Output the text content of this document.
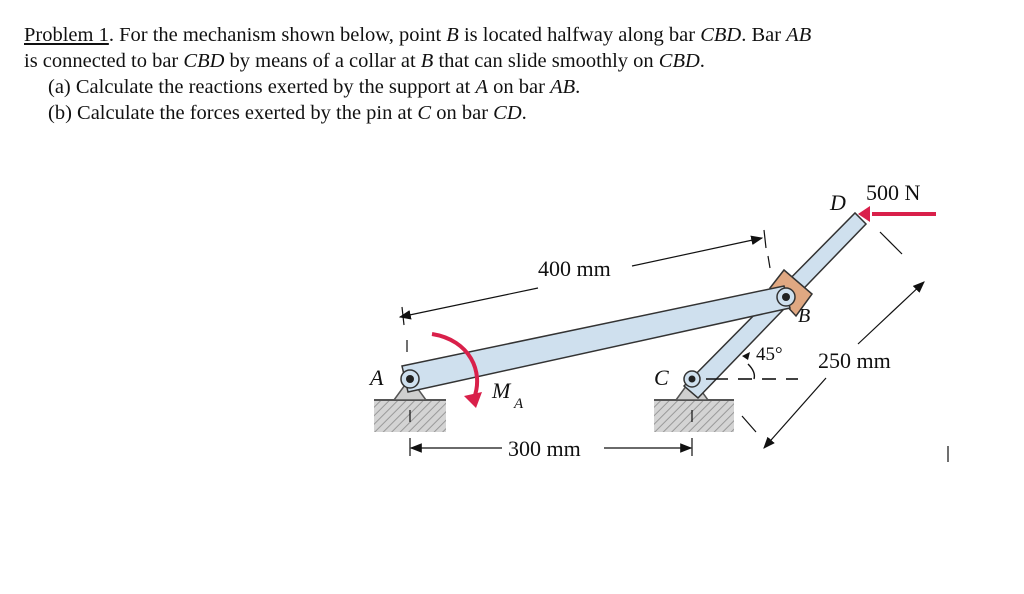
Problem 1. For the mechanism shown below, point B is located halfway along bar CBD. Bar AB

is connected to bar CBD by means of a collar at B that can slide smoothly on CBD.

(a) Calculate the reactions exerted by the support at A on bar AB.

(b) Calculate the forces exerted by the pin at C on bar CD.

A	C
B
D 500 N
400 mm
300 mm
250 mm
45°
M
A
